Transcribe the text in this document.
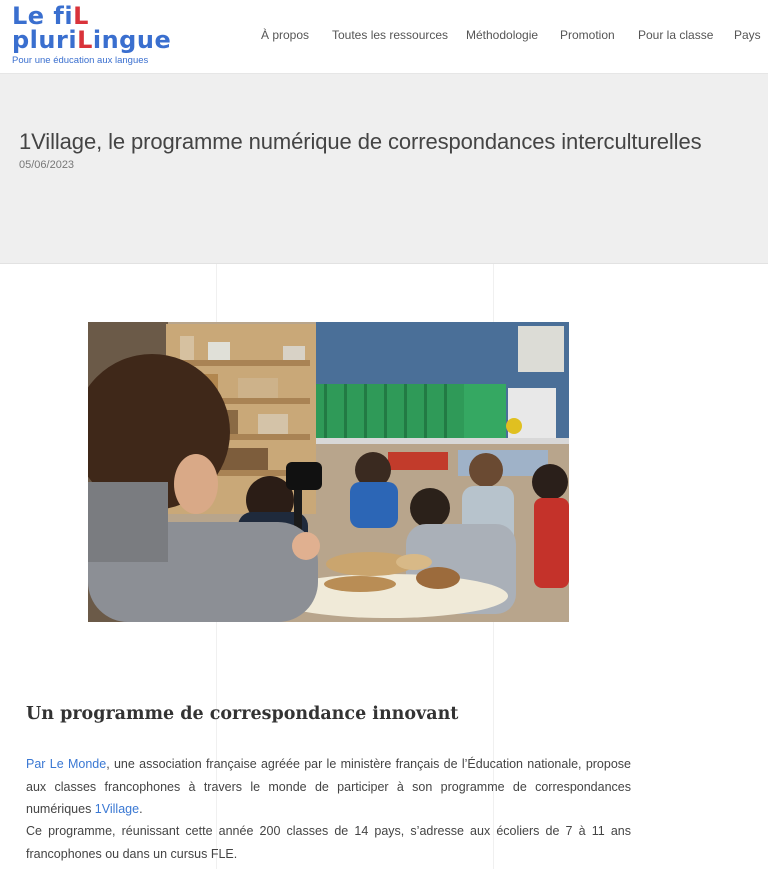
Le fiL
pluriLingue
Pour une éducation aux langues
À propos Toutes les ressources Méthodologie Promotion Pour la classe Pays
1Village, le programme numérique de correspondances interculturelles
05/06/2023
Un programme de correspondance innovant

Par Le Monde, une association française agréée par le ministère français de l’Éducation nationale, propose aux classes francophones à travers le monde de participer à son programme de correspondances numériques 1Village.

Ce programme, réunissant cette année 200 classes de 14 pays, s’adresse aux écoliers de 7 à 11 ans francophones ou dans un cursus FLE.
